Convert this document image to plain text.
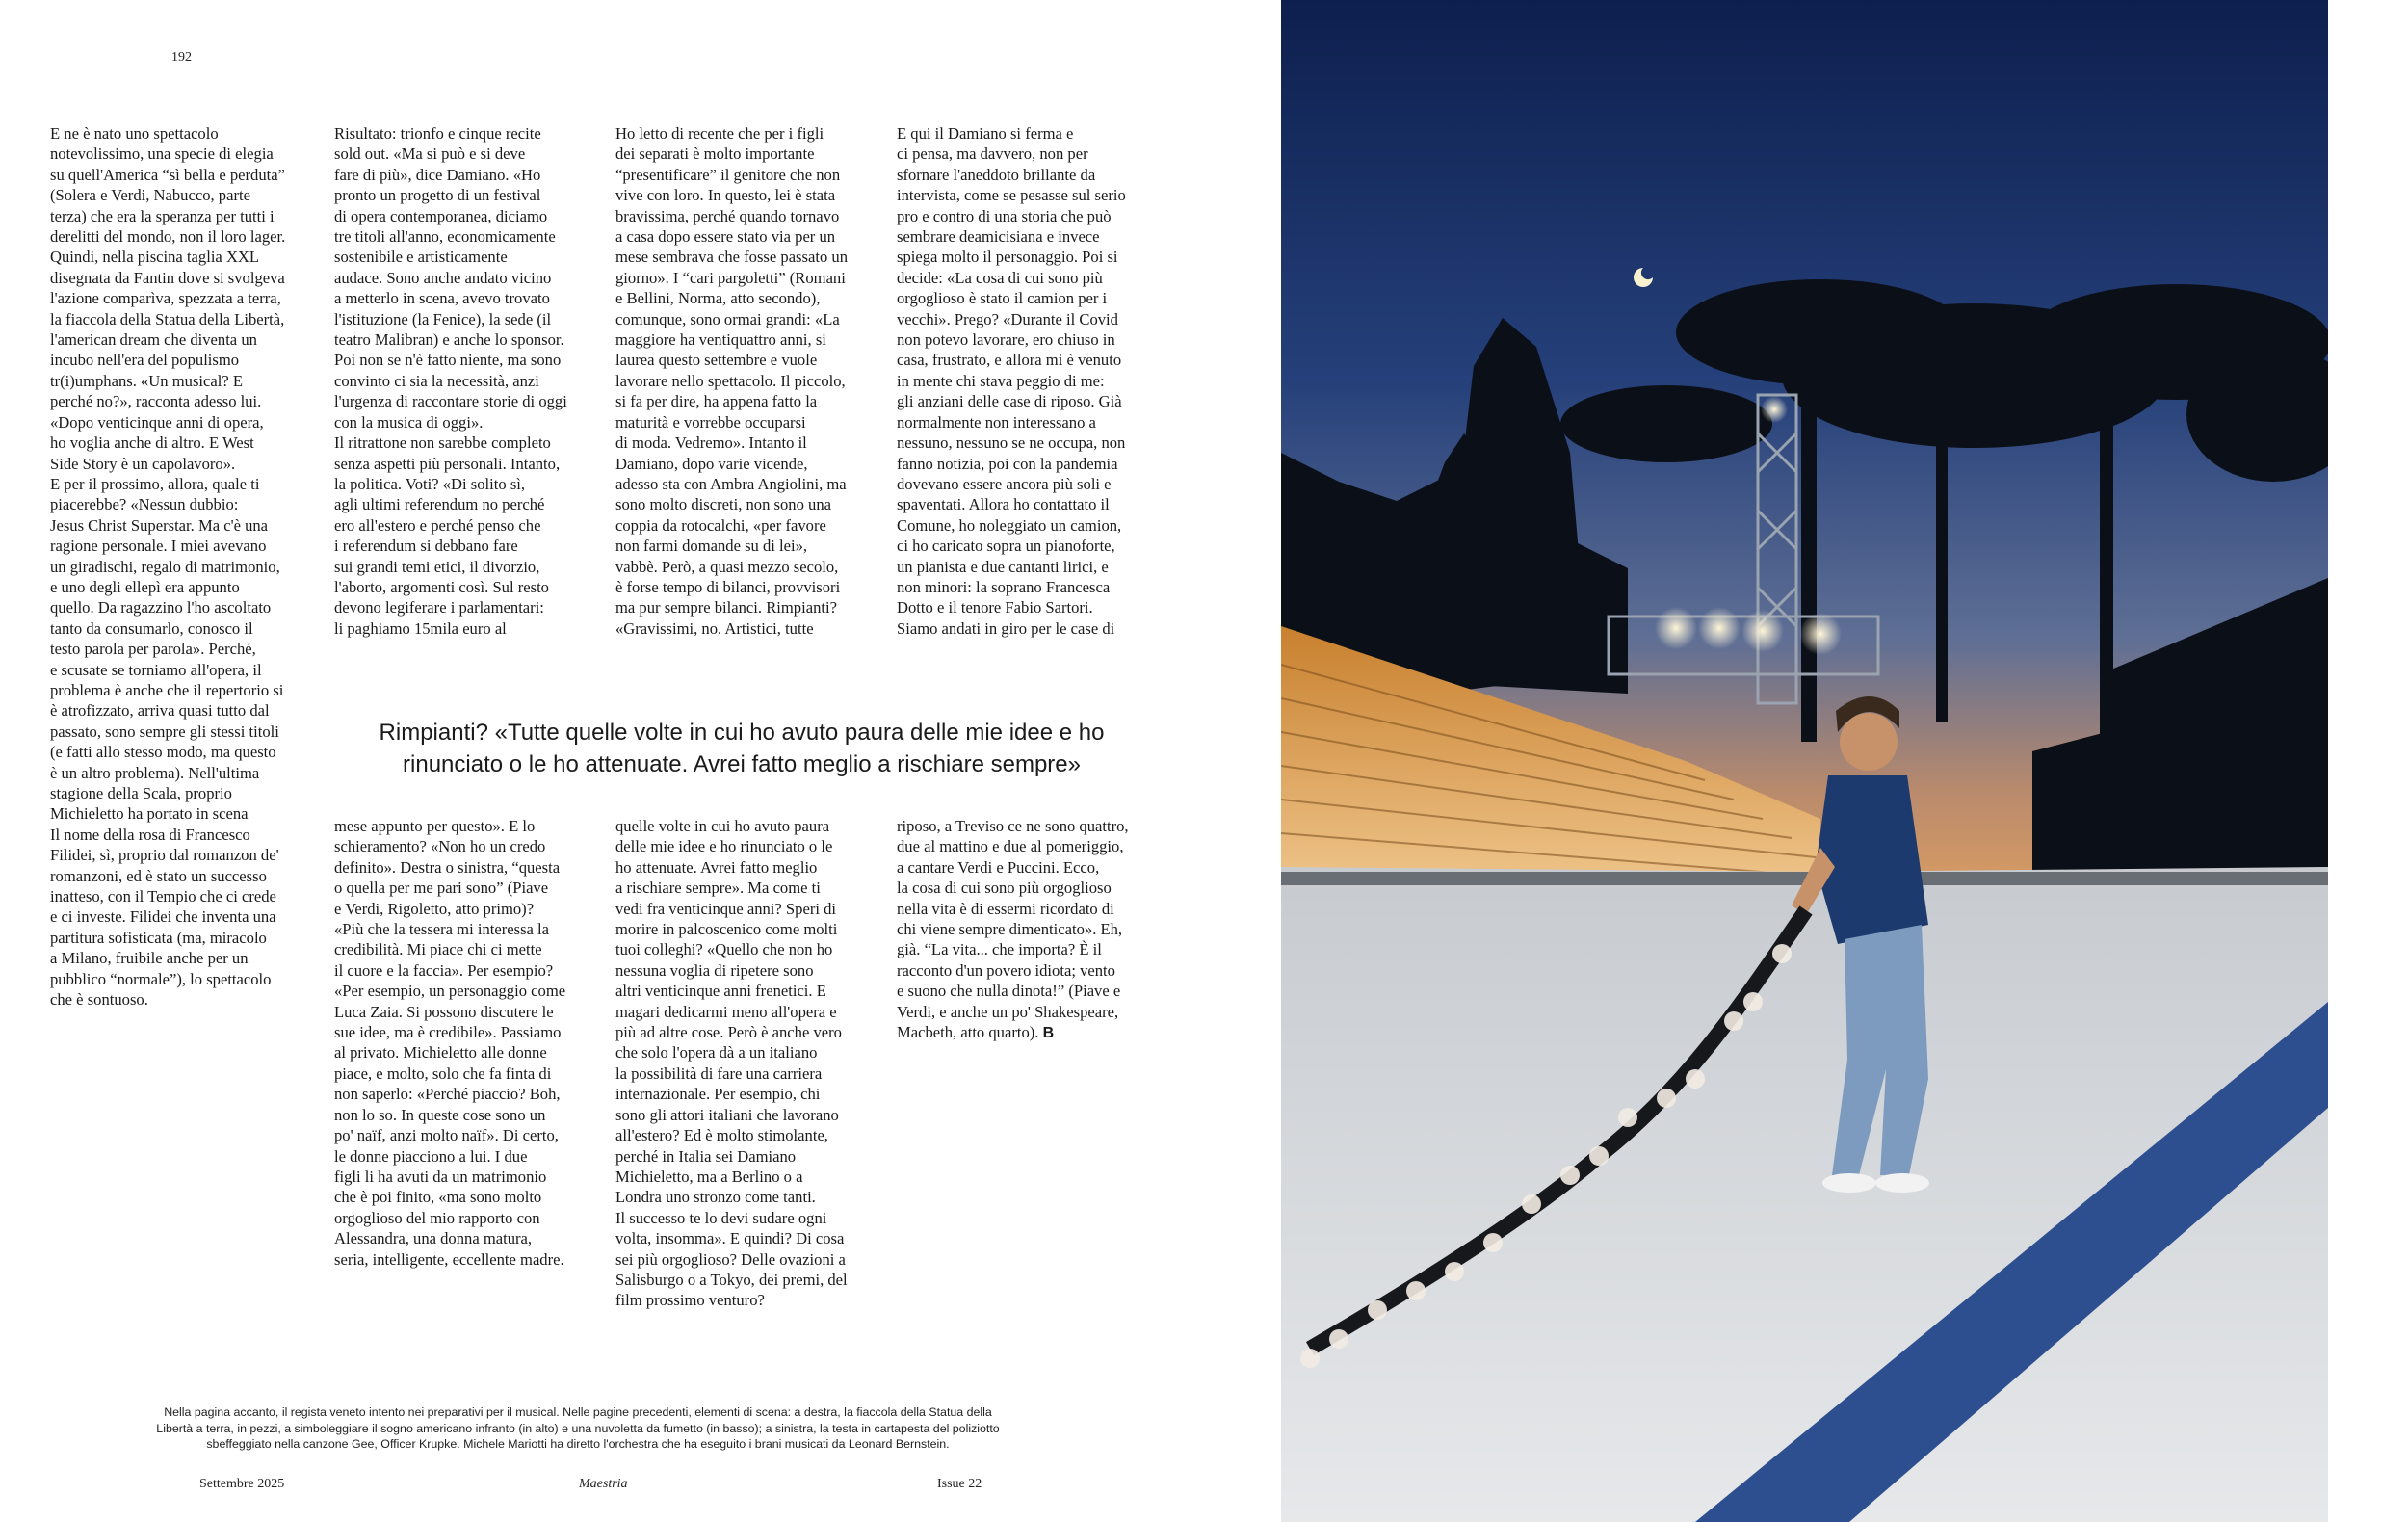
192
E ne è nato uno spettacolo
notevolissimo, una specie di elegia
su quell'America “sì bella e perduta”
(Solera e Verdi, Nabucco, parte
terza) che era la speranza per tutti i
derelitti del mondo, non il loro lager.
Quindi, nella piscina taglia XXL
disegnata da Fantin dove si svolgeva
l'azione comparìva, spezzata a terra,
la fiaccola della Statua della Libertà,
l'american dream che diventa un
incubo nell'era del populismo
tr(i)umphans. «Un musical? E
perché no?», racconta adesso lui.
«Dopo venticinque anni di opera,
ho voglia anche di altro. E West
Side Story è un capolavoro».
E per il prossimo, allora, quale ti
piacerebbe? «Nessun dubbio:
Jesus Christ Superstar. Ma c'è una
ragione personale. I miei avevano
un giradischi, regalo di matrimonio,
e uno degli ellepì era appunto
quello. Da ragazzino l'ho ascoltato
tanto da consumarlo, conosco il
testo parola per parola». Perché,
e scusate se torniamo all'opera, il
problema è anche che il repertorio si
è atrofizzato, arriva quasi tutto dal
passato, sono sempre gli stessi titoli
(e fatti allo stesso modo, ma questo
è un altro problema). Nell'ultima
stagione della Scala, proprio
Michieletto ha portato in scena
Il nome della rosa di Francesco
Filidei, sì, proprio dal romanzon de'
romanzoni, ed è stato un successo
inatteso, con il Tempio che ci crede
e ci investe. Filidei che inventa una
partitura sofisticata (ma, miracolo
a Milano, fruibile anche per un
pubblico “normale”), lo spettacolo
che è sontuoso.
Risultato: trionfo e cinque recite
sold out. «Ma si può e si deve
fare di più», dice Damiano. «Ho
pronto un progetto di un festival
di opera contemporanea, diciamo
tre titoli all'anno, economicamente
sostenibile e artisticamente
audace. Sono anche andato vicino
a metterlo in scena, avevo trovato
l'istituzione (la Fenice), la sede (il
teatro Malibran) e anche lo sponsor.
Poi non se n'è fatto niente, ma sono
convinto ci sia la necessità, anzi
l'urgenza di raccontare storie di oggi
con la musica di oggi».
Il ritrattone non sarebbe completo
senza aspetti più personali. Intanto,
la politica. Voti? «Di solito sì,
agli ultimi referendum no perché
ero all'estero e perché penso che
i referendum si debbano fare
sui grandi temi etici, il divorzio,
l'aborto, argomenti così. Sul resto
devono legiferare i parlamentari:
li paghiamo 15mila euro al
Ho letto di recente che per i figli
dei separati è molto importante
“presentificare” il genitore che non
vive con loro. In questo, lei è stata
bravissima, perché quando tornavo
a casa dopo essere stato via per un
mese sembrava che fosse passato un
giorno». I “cari pargoletti” (Romani
e Bellini, Norma, atto secondo),
comunque, sono ormai grandi: «La
maggiore ha ventiquattro anni, si
laurea questo settembre e vuole
lavorare nello spettacolo. Il piccolo,
si fa per dire, ha appena fatto la
maturità e vorrebbe occuparsi
di moda. Vedremo». Intanto il
Damiano, dopo varie vicende,
adesso sta con Ambra Angiolini, ma
sono molto discreti, non sono una
coppia da rotocalchi, «per favore
non farmi domande su di lei»,
vabbè. Però, a quasi mezzo secolo,
è forse tempo di bilanci, provvisori
ma pur sempre bilanci. Rimpianti?
«Gravissimi, no. Artistici, tutte
E qui il Damiano si ferma e
ci pensa, ma davvero, non per
sfornare l'aneddoto brillante da
intervista, come se pesasse sul serio
pro e contro di una storia che può
sembrare deamicisiana e invece
spiega molto il personaggio. Poi si
decide: «La cosa di cui sono più
orgoglioso è stato il camion per i
vecchi». Prego? «Durante il Covid
non potevo lavorare, ero chiuso in
casa, frustrato, e allora mi è venuto
in mente chi stava peggio di me:
gli anziani delle case di riposo. Già
normalmente non interessano a
nessuno, nessuno se ne occupa, non
fanno notizia, poi con la pandemia
dovevano essere ancora più soli e
spaventati. Allora ho contattato il
Comune, ho noleggiato un camion,
ci ho caricato sopra un pianoforte,
un pianista e due cantanti lirici, e
non minori: la soprano Francesca
Dotto e il tenore Fabio Sartori.
Siamo andati in giro per le case di
Rimpianti? «Tutte quelle volte in cui ho avuto paura delle mie idee e ho rinunciato o le ho attenuate. Avrei fatto meglio a rischiare sempre»
mese appunto per questo». E lo
schieramento? «Non ho un credo
definito». Destra o sinistra, “questa
o quella per me pari sono” (Piave
e Verdi, Rigoletto, atto primo)?
«Più che la tessera mi interessa la
credibilità. Mi piace chi ci mette
il cuore e la faccia». Per esempio?
«Per esempio, un personaggio come
Luca Zaia. Si possono discutere le
sue idee, ma è credibile». Passiamo
al privato. Michieletto alle donne
piace, e molto, solo che fa finta di
non saperlo: «Perché piaccio? Boh,
non lo so. In queste cose sono un
po' naïf, anzi molto naïf». Di certo,
le donne piacciono a lui. I due
figli li ha avuti da un matrimonio
che è poi finito, «ma sono molto
orgoglioso del mio rapporto con
Alessandra, una donna matura,
seria, intelligente, eccellente madre.
quelle volte in cui ho avuto paura
delle mie idee e ho rinunciato o le
ho attenuate. Avrei fatto meglio
a rischiare sempre». Ma come ti
vedi fra venticinque anni? Speri di
morire in palcoscenico come molti
tuoi colleghi? «Quello che non ho
nessuna voglia di ripetere sono
altri venticinque anni frenetici. E
magari dedicarmi meno all'opera e
più ad altre cose. Però è anche vero
che solo l'opera dà a un italiano
la possibilità di fare una carriera
internazionale. Per esempio, chi
sono gli attori italiani che lavorano
all'estero? Ed è molto stimolante,
perché in Italia sei Damiano
Michieletto, ma a Berlino o a
Londra uno stronzo come tanti.
Il successo te lo devi sudare ogni
volta, insomma». E quindi? Di cosa
sei più orgoglioso? Delle ovazioni a
Salisburgo o a Tokyo, dei premi, del
film prossimo venturo?
riposo, a Treviso ce ne sono quattro,
due al mattino e due al pomeriggio,
a cantare Verdi e Puccini. Ecco,
la cosa di cui sono più orgoglioso
nella vita è di essermi ricordato di
chi viene sempre dimenticato». Eh,
già. “La vita... che importa? È il
racconto d'un povero idiota; vento
e suono che nulla dinota!” (Piave e
Verdi, e anche un po' Shakespeare,
Macbeth, atto quarto). B
Nella pagina accanto, il regista veneto intento nei preparativi per il musical. Nelle pagine precedenti, elementi di scena: a destra, la fiaccola della Statua della Libertà a terra, in pezzi, a simboleggiare il sogno americano infranto (in alto) e una nuvoletta da fumetto (in basso); a sinistra, la testa in cartapesta del poliziotto sbeffeggiato nella canzone Gee, Officer Krupke. Michele Mariotti ha diretto l'orchestra che ha eseguito i brani musicati da Leonard Bernstein.
Settembre 2025	Maestria	Issue 22
